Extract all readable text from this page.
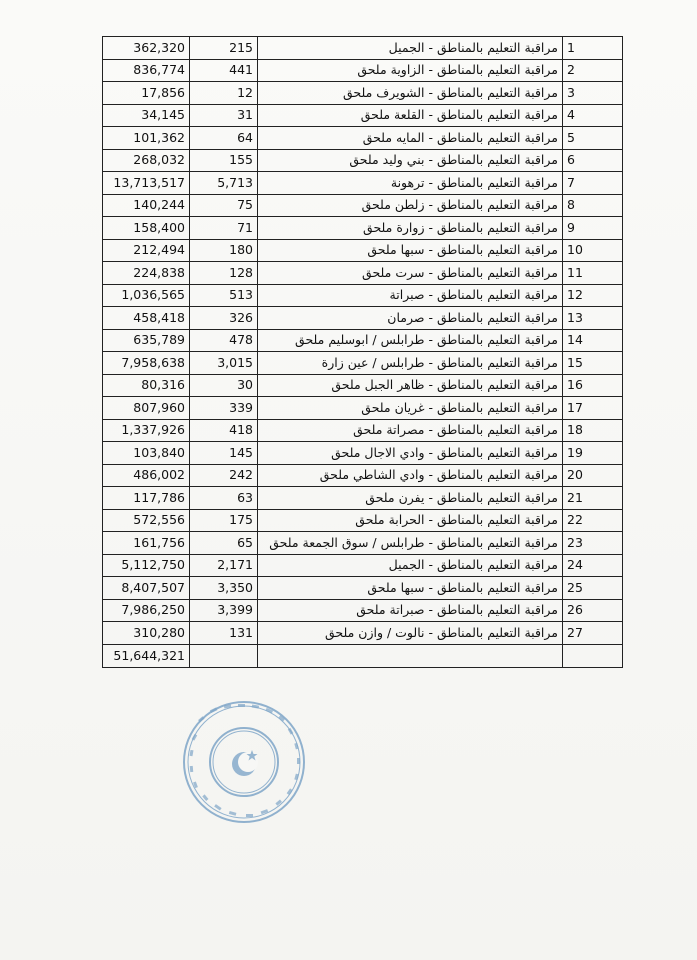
362,320	215	مراقبة التعليم بالمناطق - الجميل	1
836,774	441	مراقبة التعليم بالمناطق - الزاوية ملحق	2
17,856	12	مراقبة التعليم بالمناطق - الشويرف ملحق	3
34,145	31	مراقبة التعليم بالمناطق - القلعة ملحق	4
101,362	64	مراقبة التعليم بالمناطق - المايه ملحق	5
268,032	155	مراقبة التعليم بالمناطق - بني وليد ملحق	6
13,713,517	5,713	مراقبة التعليم بالمناطق - ترهونة	7
140,244	75	مراقبة التعليم بالمناطق - زلطن ملحق	8
158,400	71	مراقبة التعليم بالمناطق - زوارة ملحق	9
212,494	180	مراقبة التعليم بالمناطق - سبها ملحق	10
224,838	128	مراقبة التعليم بالمناطق - سرت ملحق	11
1,036,565	513	مراقبة التعليم بالمناطق - صبراتة	12
458,418	326	مراقبة التعليم بالمناطق - صرمان	13
635,789	478	مراقبة التعليم بالمناطق - طرابلس / ابوسليم ملحق	14
7,958,638	3,015	مراقبة التعليم بالمناطق - طرابلس / عين زارة	15
80,316	30	مراقبة التعليم بالمناطق - ظاهر الجبل ملحق	16
807,960	339	مراقبة التعليم بالمناطق - غريان ملحق	17
1,337,926	418	مراقبة التعليم بالمناطق - مصراتة ملحق	18
103,840	145	مراقبة التعليم بالمناطق - وادي الاجال ملحق	19
486,002	242	مراقبة التعليم بالمناطق - وادي الشاطي ملحق	20
117,786	63	مراقبة التعليم بالمناطق - يفرن ملحق	21
572,556	175	مراقبة التعليم بالمناطق - الحرابة ملحق	22
161,756	65	مراقبة التعليم بالمناطق - طرابلس / سوق الجمعة ملحق	23
5,112,750	2,171	مراقبة التعليم بالمناطق - الجميل	24
8,407,507	3,350	مراقبة التعليم بالمناطق - سبها ملحق	25
7,986,250	3,399	مراقبة التعليم بالمناطق - صبراتة ملحق	26
310,280	131	مراقبة التعليم بالمناطق - نالوت / وازن ملحق	27
51,644,321			
